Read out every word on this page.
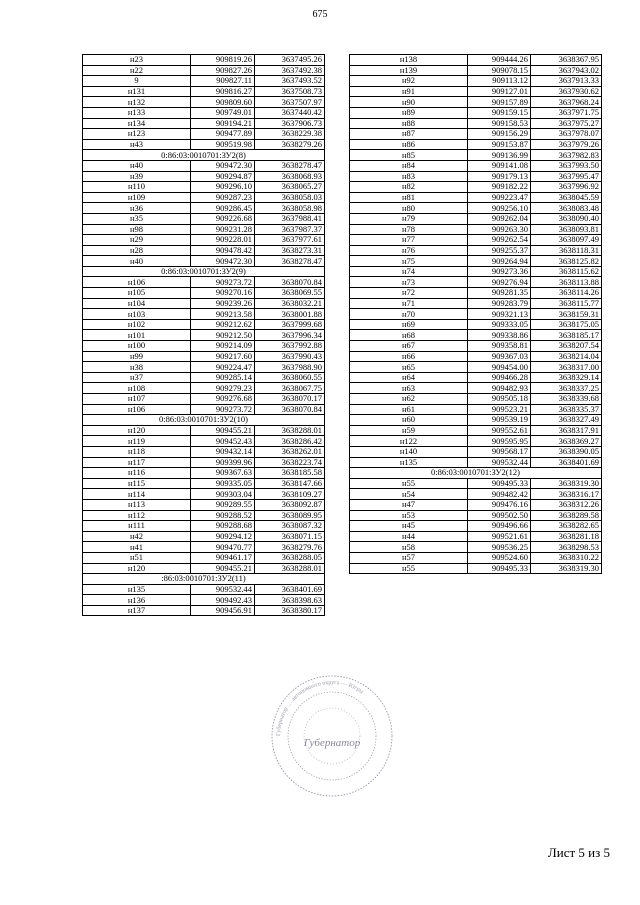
675
н23	909819.26	3637495.26
н22	909827.26	3637492.38
9	909827.11	3637493.52
н131	909816.27	3637508.73
н132	909809.60	3637507.97
н133	909749.01	3637440.42
н134	909194.21	3637906.73
н123	909477.89	3638229.38
н43	909519.98	3638279.26
0:86:03:0010701:ЗУ2(8)		
н40	909472.30	3638278.47
н39	909294.87	3638068.93
н110	909296.10	3638065.27
н109	909287.23	3638058.03
н36	909286.45	3638058.98
н35	909226.68	3637988.41
н98	909231.28	3637987.37
н29	909228.01	3637977.61
н28	909478.42	3638273.31
н40	909472.30	3638278.47
0:86:03:0010701:ЗУ2(9)		
н106	909273.72	3638070.84
н105	909270.16	3638069.55
н104	909239.26	3638032.21
н103	909213.58	3638001.88
н102	909212.62	3637999.68
н101	909212.50	3637996.34
н100	909214.09	3637992.88
н99	909217.60	3637990.43
н38	909224.47	3637988.90
н37	909285.14	3638060.55
н108	909279.23	3638067.75
н107	909276.68	3638070.17
н106	909273.72	3638070.84
0:86:03:0010701:ЗУ2(10)		
н120	909455.21	3638288.01
н119	909452.43	3638286.42
н118	909432.14	3638262.01
н117	909399.96	3638223.74
н116	909367.63	3638185.58
н115	909335.05	3638147.66
н114	909303.04	3638109.27
н113	909289.55	3638092.87
н112	909288.52	3638089.95
н111	909288.68	3638087.32
н42	909294.12	3638071.15
н41	909470.77	3638279.76
н51	909461.17	3638288.05
н120	909455.21	3638288.01
:86:03:0010701:ЗУ2(11)		
н135	909532.44	3638401.69
н136	909492.43	3638398.63
н137	909456.91	3638380.17
н138	909444.26	3638367.95
н139	909078.15	3637943.02
н92	909113.12	3637913.33
н91	909127.01	3637930.62
н90	909157.89	3637968.24
н89	909159.15	3637971.75
н88	909158.53	3637975.27
н87	909156.29	3637978.07
н86	909153.87	3637979.26
н85	909136.99	3637982.83
н84	909141.08	3637993.50
н83	909179.13	3637995.47
н82	909182.22	3637996.92
н81	909223.47	3638045.59
н80	909256.10	3638083.48
н79	909262.04	3638090.40
н78	909263.30	3638093.81
н77	909262.54	3638097.49
н76	909255.37	3638118.31
н75	909264.94	3638125.82
н74	909273.36	3638115.62
н73	909276.94	3638113.88
н72	909281.35	3638114.26
н71	909283.79	3638115.77
н70	909321.13	3638159.31
н69	909333.05	3638175.05
н68	909338.86	3638185.17
н67	909358.81	3638207.54
н66	909367.03	3638214.04
н65	909454.00	3638317.00
н64	909466.28	3638329.14
н63	909482.93	3638337.25
н62	909505.18	3638339.68
н61	909523.21	3638335.37
н60	909539.19	3638327.49
н59	909552.61	3638317.91
н122	909595.95	3638369.27
н140	909568.17	3638390.05
н135	909532.44	3638401.69
0:86:03:0010701:ЗУ2(12)		
н55	909495.33	3638319.30
н54	909482.42	3638316.17
н47	909476.16	3638312.26
н53	909502.50	3638289.58
н45	909496.66	3638282.65
н44	909521.61	3638281.18
н58	909536.25	3638298.53
н57	909524.60	3638310.22
н55	909495.33	3638319.30
Губернатор … автономного округа — Югры
Губернатор
Лист 5 из 5
